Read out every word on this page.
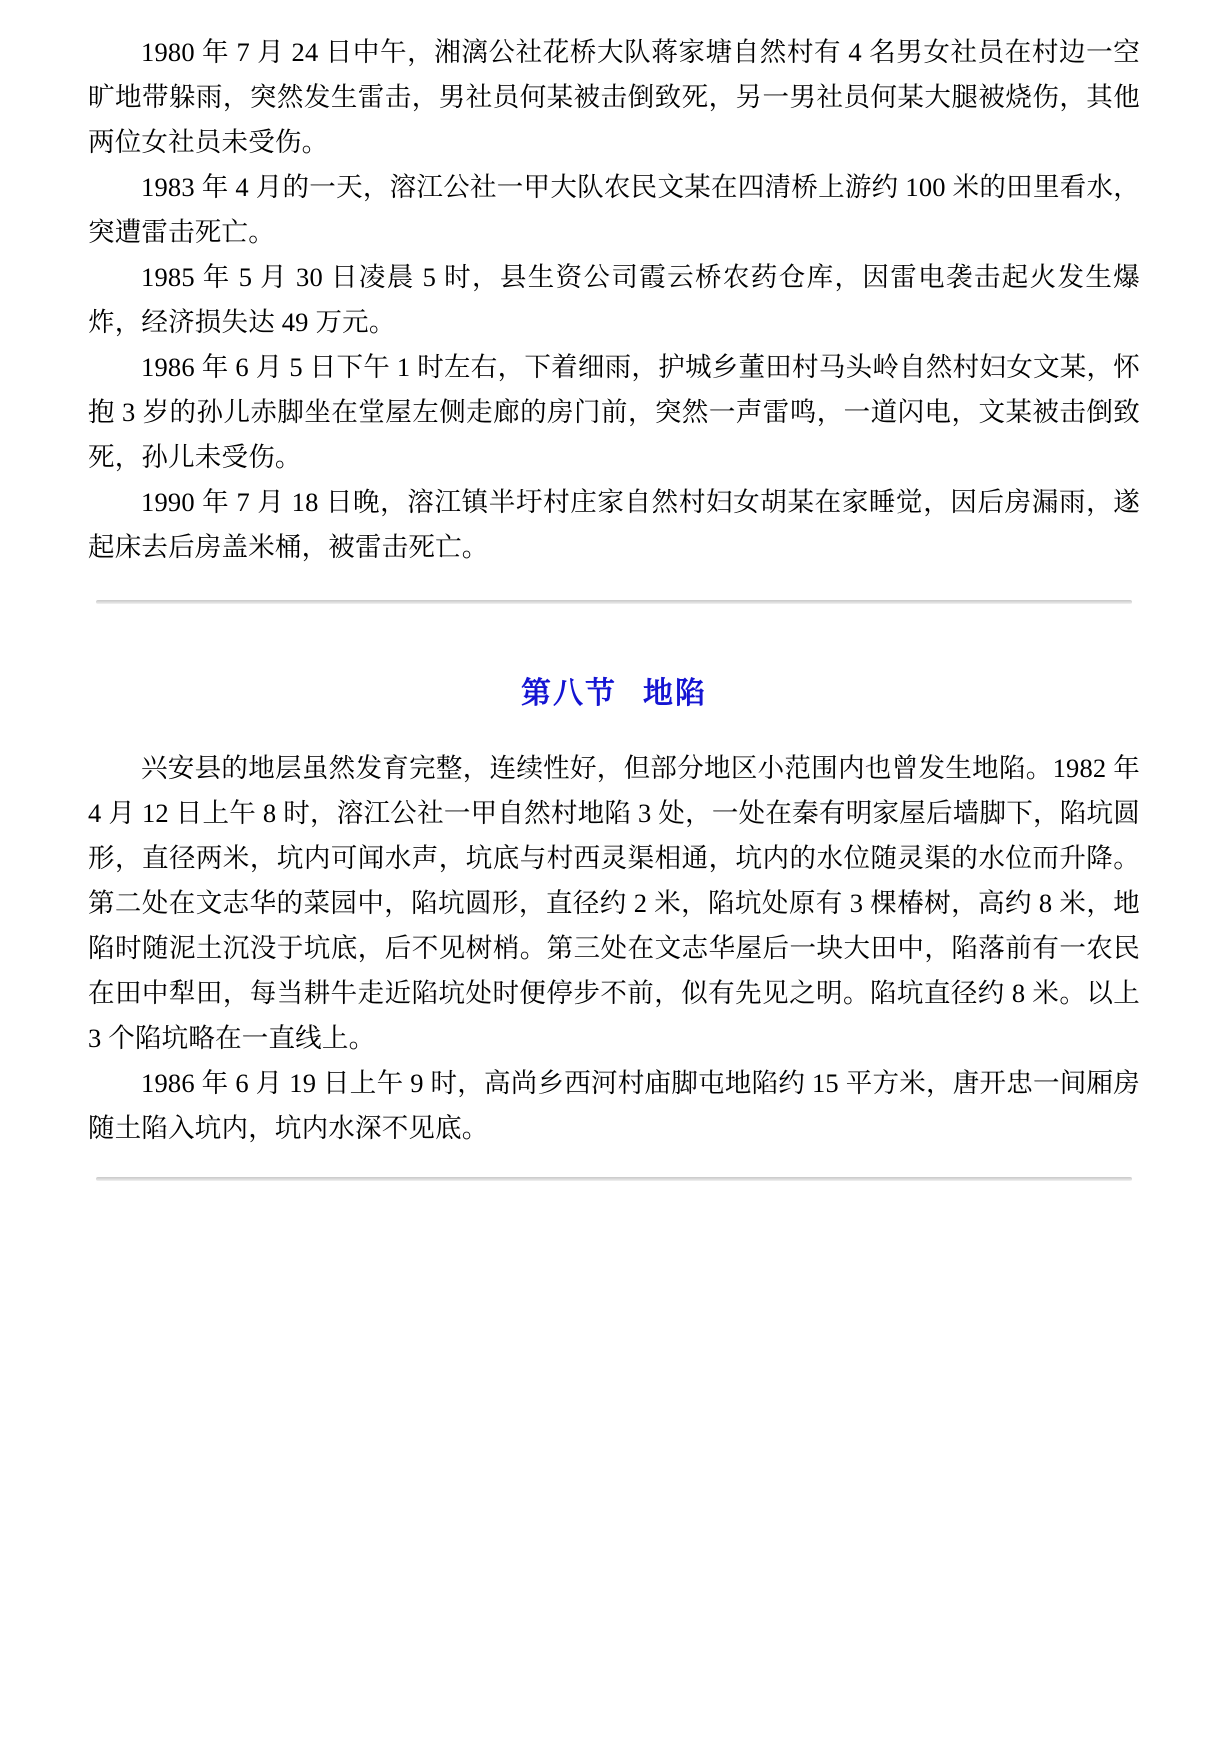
1980 年 7 月 24 日中午，湘漓公社花桥大队蒋家塘自然村有 4 名男女社员在村边一空旷地带躲雨，突然发生雷击，男社员何某被击倒致死，另一男社员何某大腿被烧伤，其他两位女社员未受伤。

1983 年 4 月的一天，溶江公社一甲大队农民文某在四清桥上游约 100 米的田里看水，突遭雷击死亡。

1985 年 5 月 30 日凌晨 5 时，县生资公司霞云桥农药仓库，因雷电袭击起火发生爆炸，经济损失达 49 万元。

1986 年 6 月 5 日下午 1 时左右，下着细雨，护城乡董田村马头岭自然村妇女文某，怀抱 3 岁的孙儿赤脚坐在堂屋左侧走廊的房门前，突然一声雷鸣，一道闪电，文某被击倒致死，孙儿未受伤。

1990 年 7 月 18 日晚，溶江镇半圩村庄家自然村妇女胡某在家睡觉，因后房漏雨，遂起床去后房盖米桶，被雷击死亡。

第八节 地陷

兴安县的地层虽然发育完整，连续性好，但部分地区小范围内也曾发生地陷。1982 年 4 月 12 日上午 8 时，溶江公社一甲自然村地陷 3 处，一处在秦有明家屋后墙脚下，陷坑圆形，直径两米，坑内可闻水声，坑底与村西灵渠相通，坑内的水位随灵渠的水位而升降。第二处在文志华的菜园中，陷坑圆形，直径约 2 米，陷坑处原有 3 棵椿树，高约 8 米，地陷时随泥土沉没于坑底，后不见树梢。第三处在文志华屋后一块大田中，陷落前有一农民在田中犁田，每当耕牛走近陷坑处时便停步不前，似有先见之明。陷坑直径约 8 米。以上 3 个陷坑略在一直线上。

1986 年 6 月 19 日上午 9 时，高尚乡西河村庙脚屯地陷约 15 平方米，唐开忠一间厢房随土陷入坑内，坑内水深不见底。
